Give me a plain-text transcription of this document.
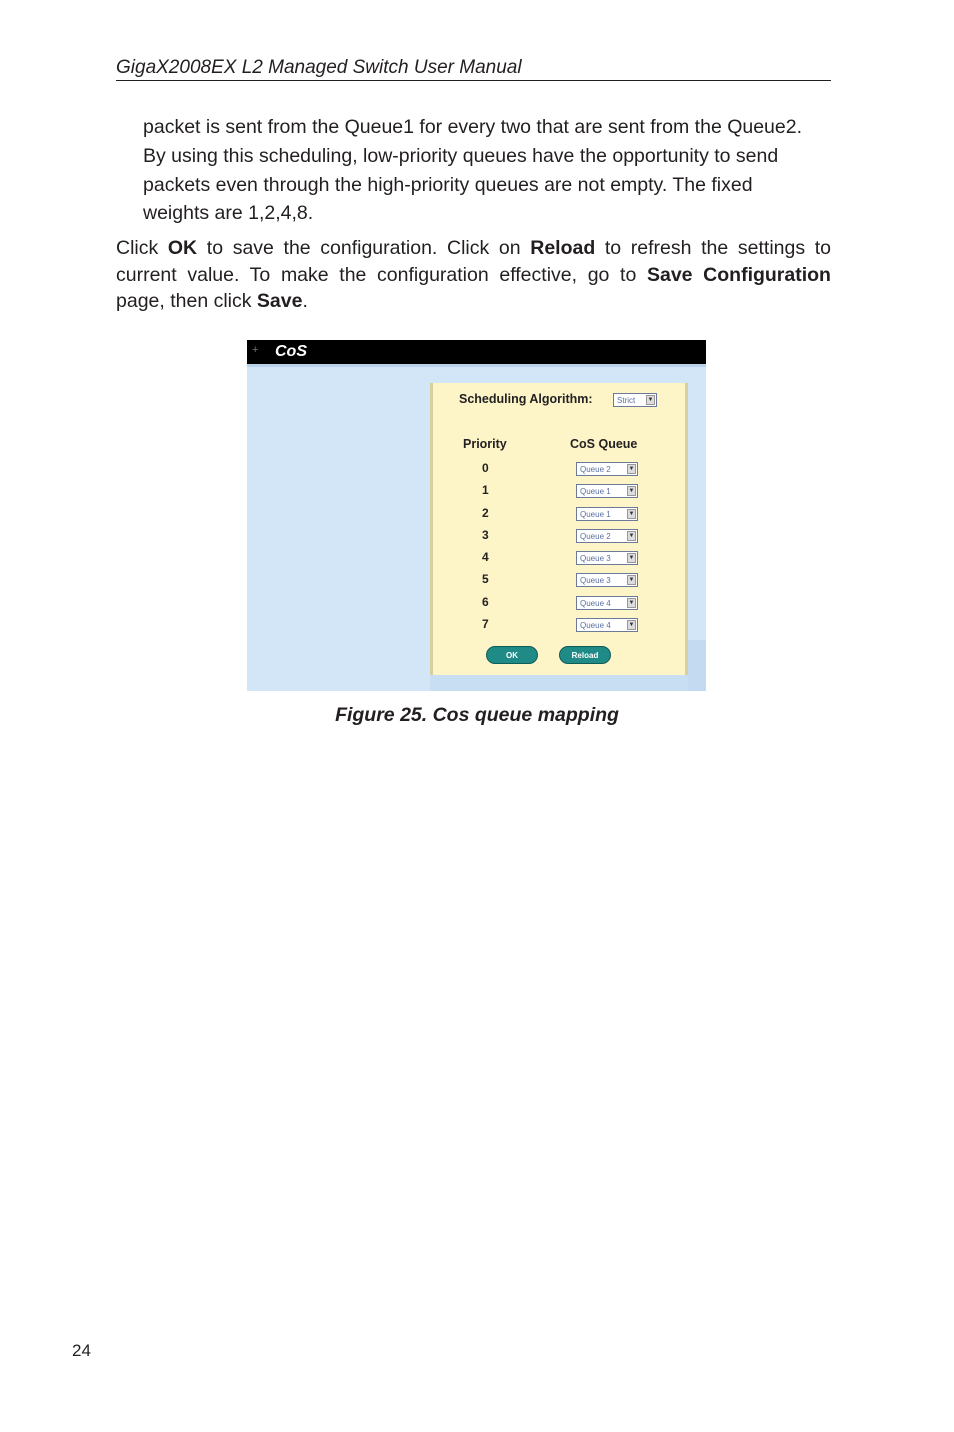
GigaX2008EX L2 Managed Switch User Manual
packet is sent from the Queue1 for every two that are sent from the Queue2.
By using this scheduling, low-priority queues have the opportunity to send
packets even through the high-priority queues are not empty. The fixed
weights are 1,2,4,8.
Click OK to save the configuration. Click on Reload to refresh the settings to
current value. To make the configuration effective, go to Save Configuration
page, then click Save.
+ CoS
Scheduling Algorithm:	Strict ▼
Priority	CoS Queue
0	Queue 2	▼
1	Queue 1	▼
2	Queue 1	▼
3	Queue 2	▼
4	Queue 3	▼
5	Queue 3	▼
6	Queue 4	▼
7	Queue 4	▼
OK	Reload
Figure 25. Cos queue mapping
24
